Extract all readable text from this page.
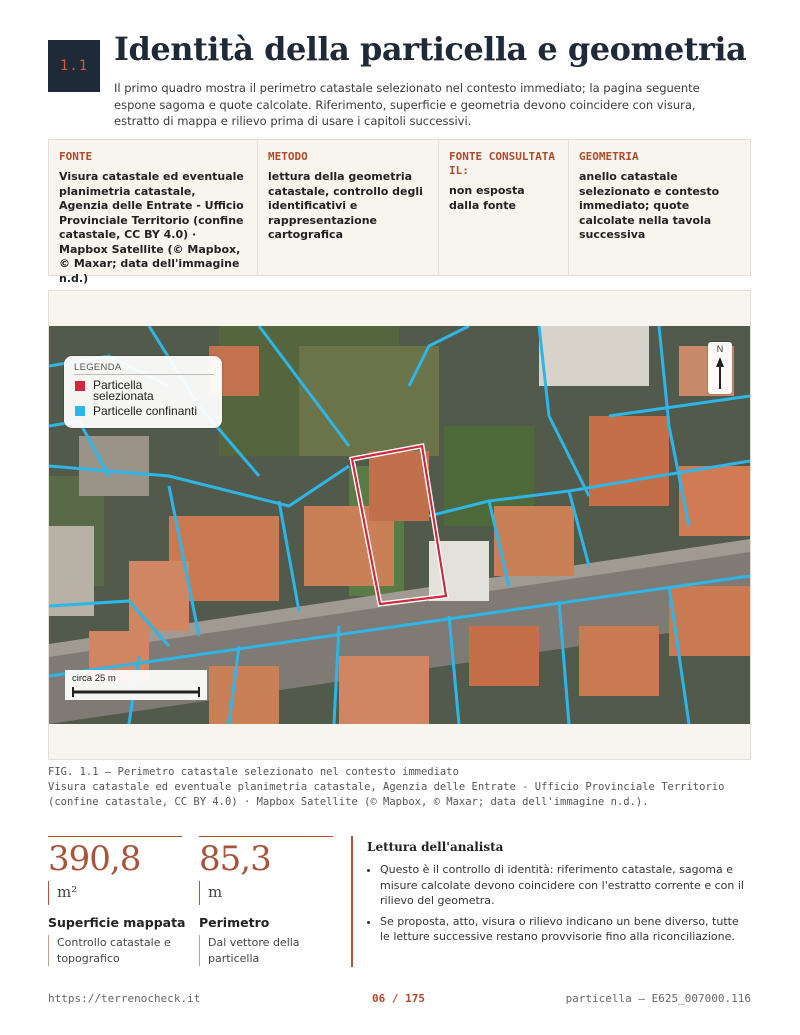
1.1 Identità della particella e geometria

Il primo quadro mostra il perimetro catastale selezionato nel contesto immediato; la pagina seguente espone sagoma e quote calcolate. Riferimento, superficie e geometria devono coincidere con visura, estratto di mappa e rilievo prima di usare i capitoli successivi.

FONTE
Visura catastale ed eventuale planimetria catastale, Agenzia delle Entrate - Ufficio Provinciale Territorio (confine catastale, CC BY 4.0) · Mapbox Satellite (© Mapbox, © Maxar; data dell'immagine n.d.)
METODO
lettura della geometria catastale, controllo degli identificativi e rappresentazione cartografica
FONTE CONSULTATA IL:
non esposta dalla fonte
GEOMETRIA
anello catastale selezionato e contesto immediato; quote calcolate nella tavola successiva
LEGENDA
Particella selezionata
Particelle confinanti
N
circa 25 m
FIG. 1.1 — Perimetro catastale selezionato nel contesto immediato
Visura catastale ed eventuale planimetria catastale, Agenzia delle Entrate - Ufficio Provinciale Territorio (confine catastale, CC BY 4.0) · Mapbox Satellite (© Mapbox, © Maxar; data dell'immagine n.d.).
390,8
m²
Superficie mappata
Controllo catastale e topografico
85,3
m
Perimetro
Dal vettore della particella
Lettura dell'analista
• Questo è il controllo di identità: riferimento catastale, sagoma e misure calcolate devono coincidere con l'estratto corrente e con il rilievo del geometra.
• Se proposta, atto, visura o rilievo indicano un bene diverso, tutte le letture successive restano provvisorie fino alla riconciliazione.
https://terrenocheck.it	06 / 175	particella — E625_007000.116
